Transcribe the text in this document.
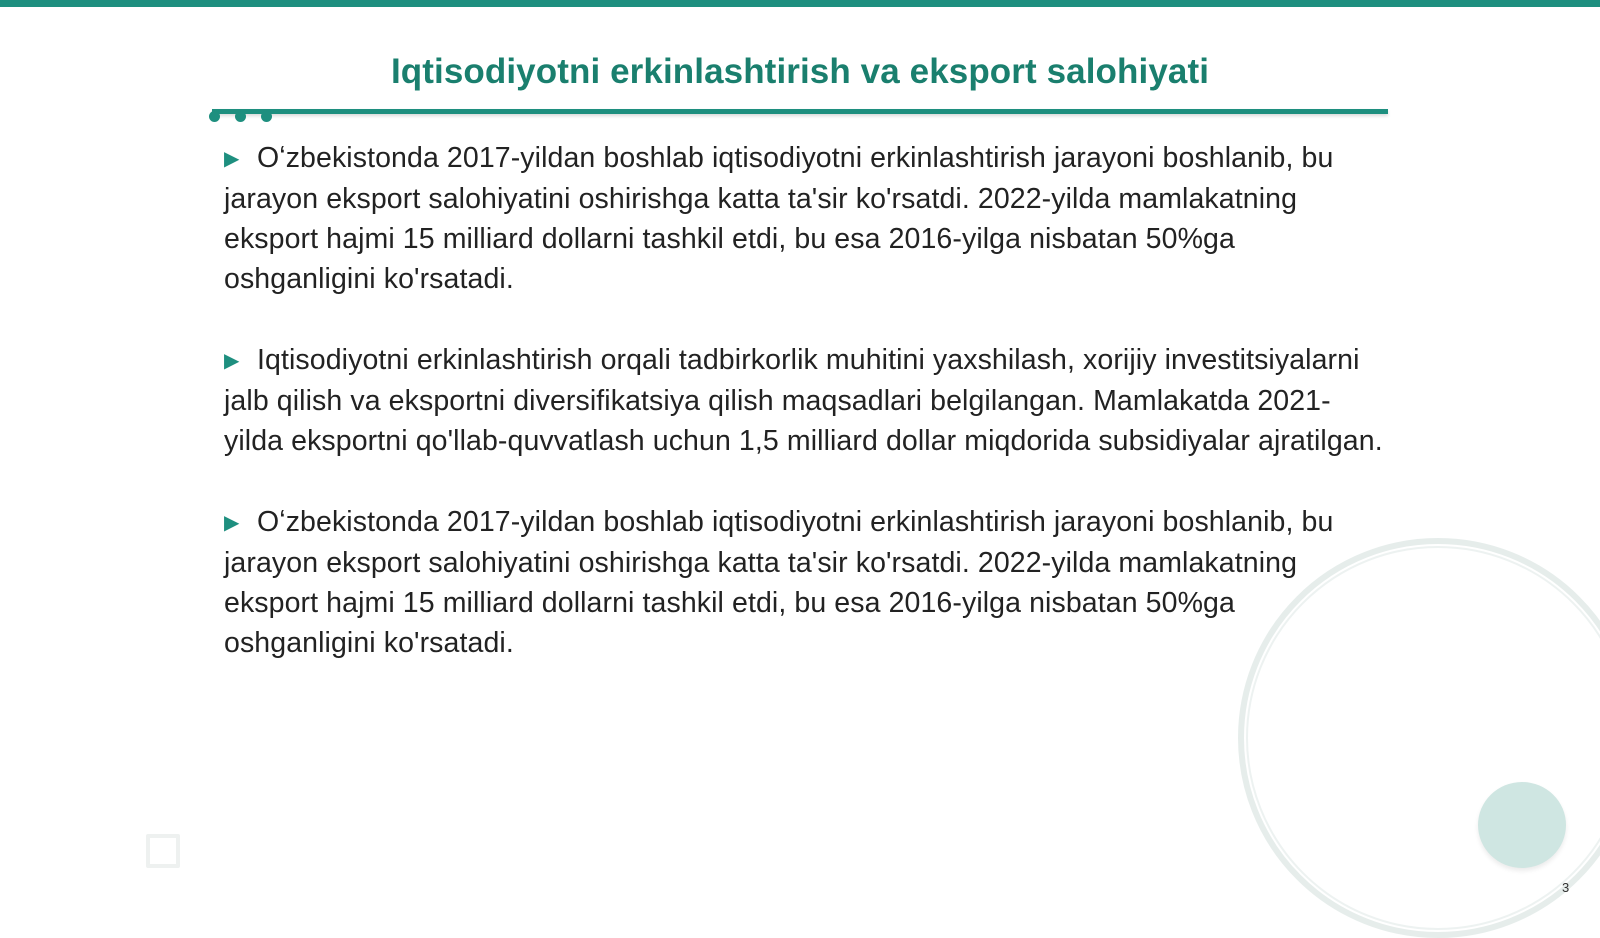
Iqtisodiyotni erkinlashtirish va eksport salohiyati

▶ Oʻzbekistonda 2017-yildan boshlab iqtisodiyotni erkinlashtirish jarayoni boshlanib, bu jarayon eksport salohiyatini oshirishga katta ta'sir ko'rsatdi. 2022-yilda mamlakatning eksport hajmi 15 milliard dollarni tashkil etdi, bu esa 2016-yilga nisbatan 50%ga oshganligini ko'rsatadi.

▶ Iqtisodiyotni erkinlashtirish orqali tadbirkorlik muhitini yaxshilash, xorijiy investitsiyalarni jalb qilish va eksportni diversifikatsiya qilish maqsadlari belgilangan. Mamlakatda 2021-yilda eksportni qo'llab-quvvatlash uchun 1,5 milliard dollar miqdorida subsidiyalar ajratilgan.

▶ Oʻzbekistonda 2017-yildan boshlab iqtisodiyotni erkinlashtirish jarayoni boshlanib, bu jarayon eksport salohiyatini oshirishga katta ta'sir ko'rsatdi. 2022-yilda mamlakatning eksport hajmi 15 milliard dollarni tashkil etdi, bu esa 2016-yilga nisbatan 50%ga oshganligini ko'rsatadi.

3
